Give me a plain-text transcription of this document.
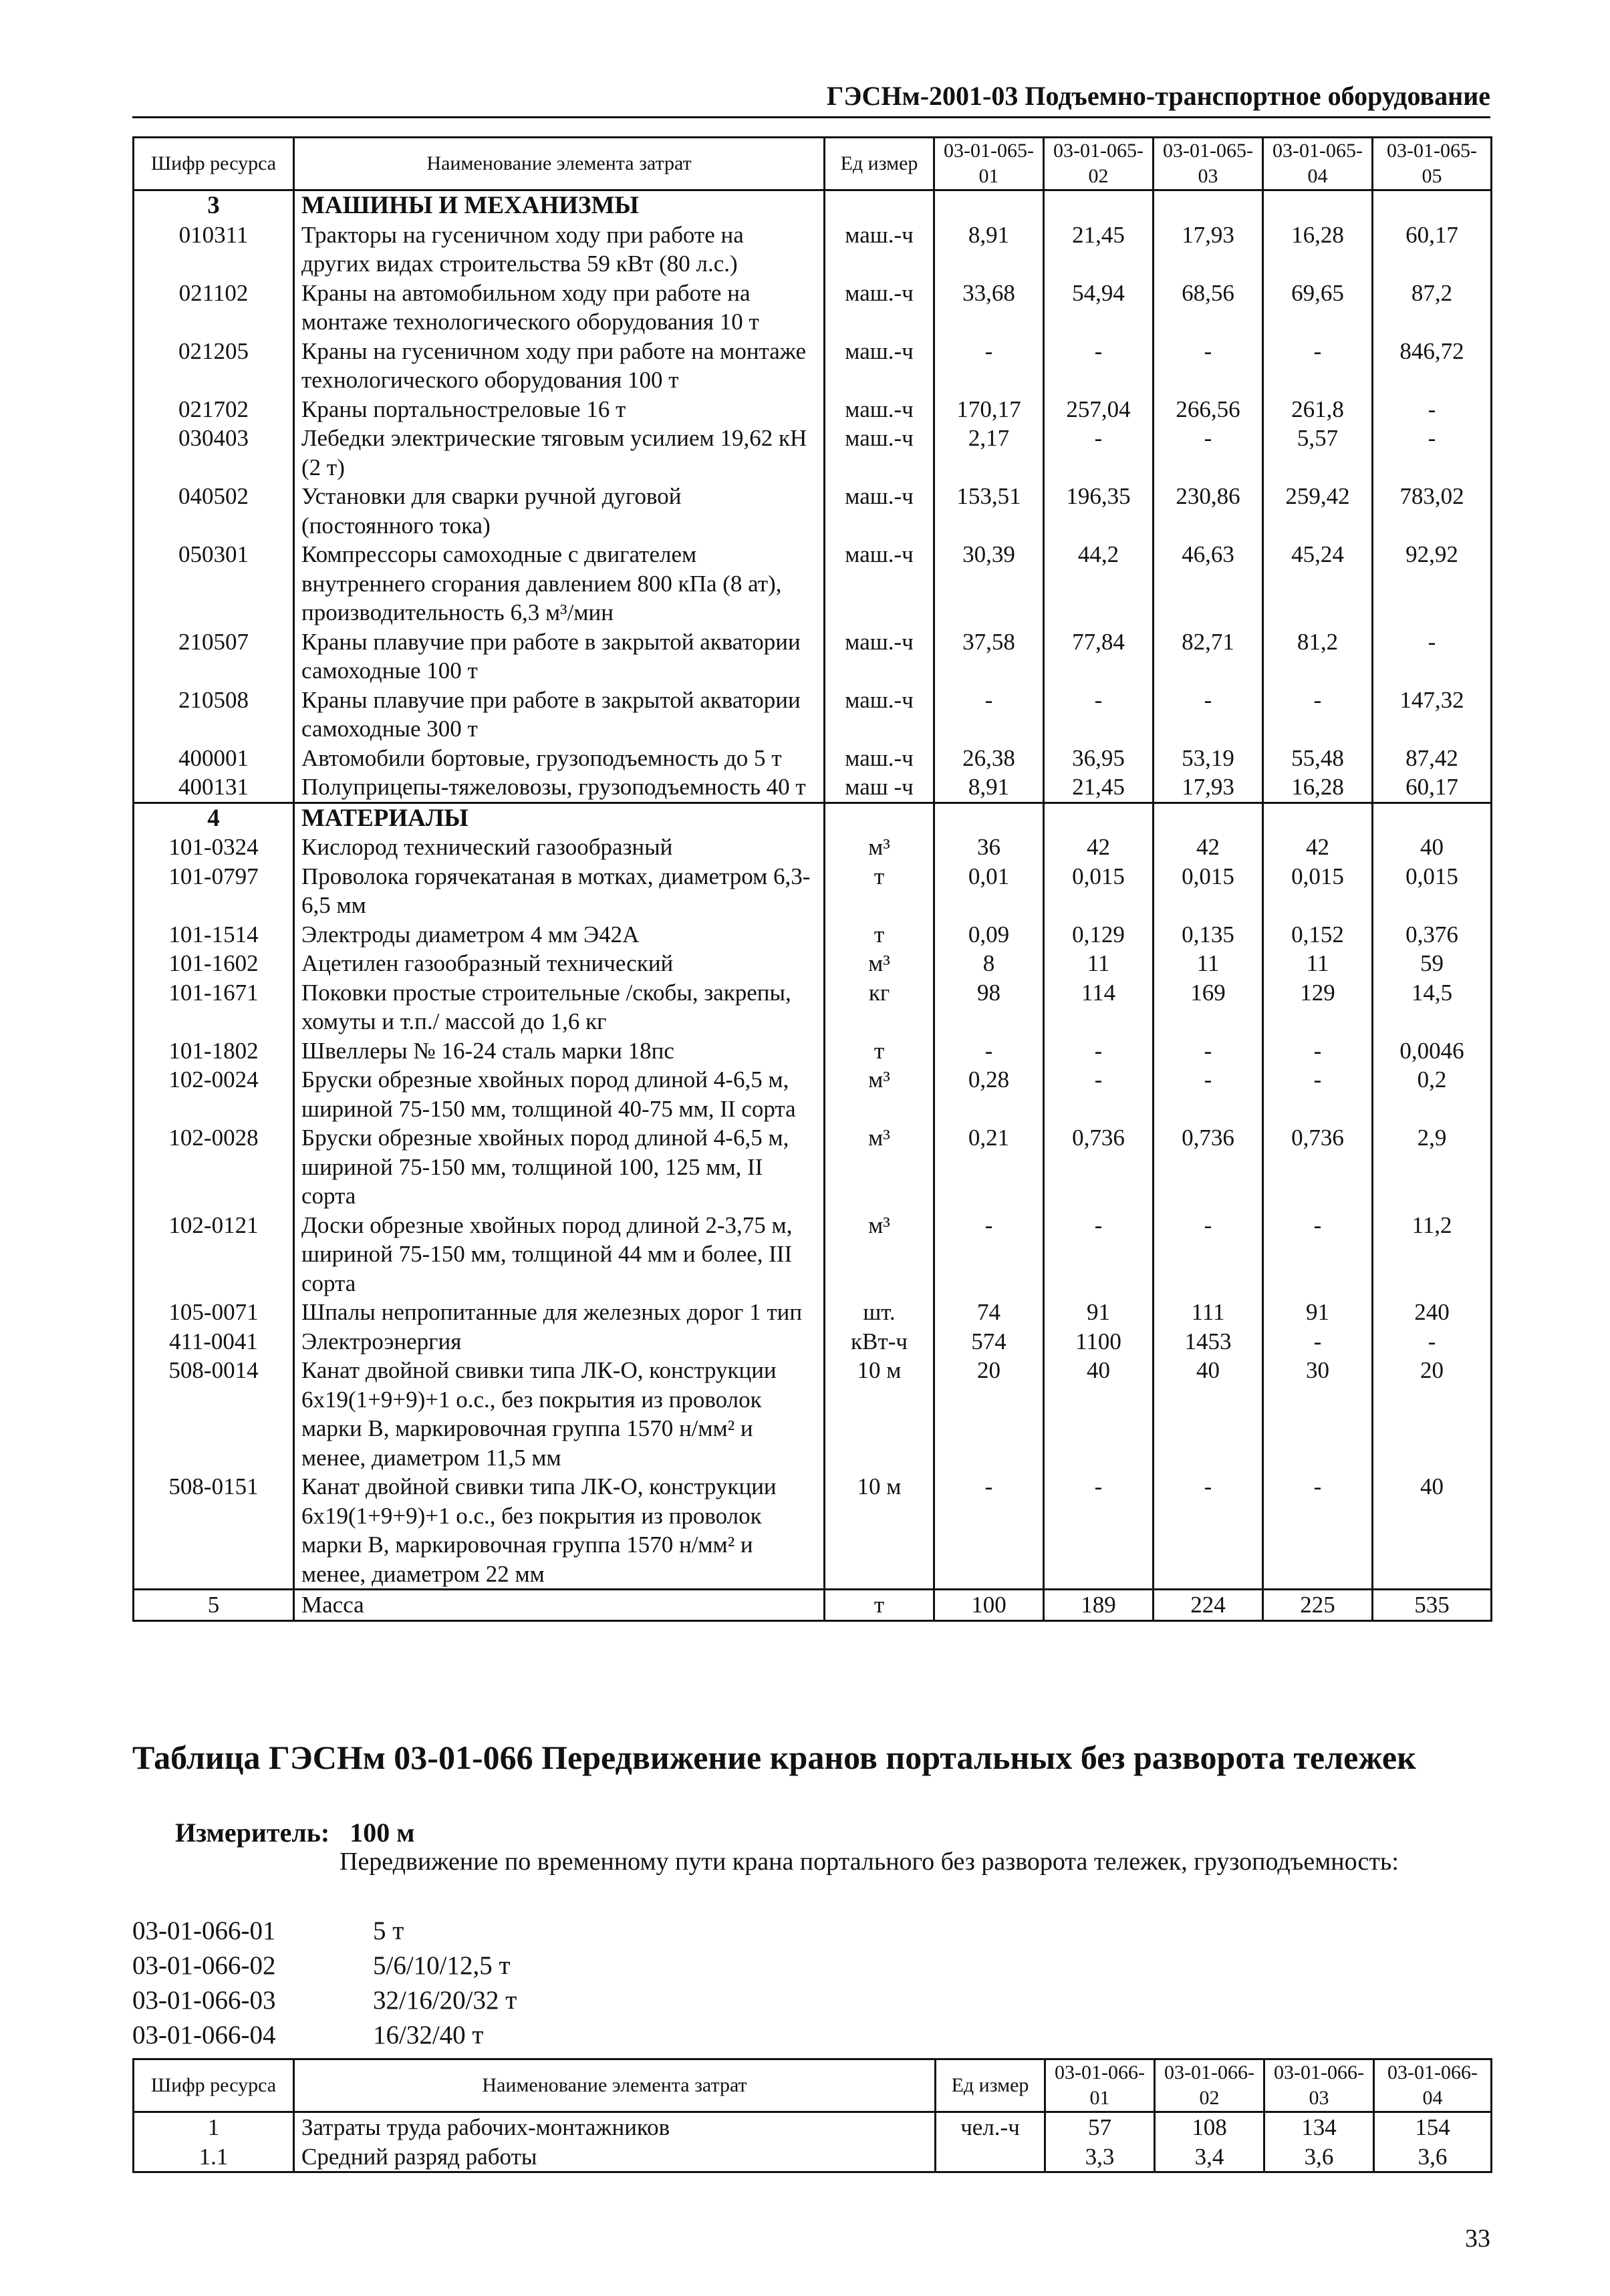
ГЭСНм-2001-03 Подъемно-транспортное оборудование
Шифр ресурса	Наименование элемента затрат	Ед измер	03-01-065-01	03-01-065-02	03-01-065-03	03-01-065-04	03-01-065-05
3	МАШИНЫ И МЕХАНИЗМЫ						
010311	Тракторы на гусеничном ходу при работе на других видах строительства 59 кВт (80 л.с.)	маш.-ч	8,91	21,45	17,93	16,28	60,17
021102	Краны на автомобильном ходу при работе на монтаже технологического оборудования 10 т	маш.-ч	33,68	54,94	68,56	69,65	87,2
021205	Краны на гусеничном ходу при работе на монтаже технологического оборудования 100 т	маш.-ч	-	-	-	-	846,72
021702	Краны портальнострелoвые 16 т	маш.-ч	170,17	257,04	266,56	261,8	-
030403	Лебедки электрические тяговым усилием 19,62 кН (2 т)	маш.-ч	2,17	-	-	5,57	-
040502	Установки для сварки ручной дуговой (постоянного тока)	маш.-ч	153,51	196,35	230,86	259,42	783,02
050301	Компрессоры самоходные с двигателем внутреннего сгорания давлением 800 кПа (8 ат), производительность 6,3 м³/мин	маш.-ч	30,39	44,2	46,63	45,24	92,92
210507	Краны плавучие при работе в закрытой акватории самоходные 100 т	маш.-ч	37,58	77,84	82,71	81,2	-
210508	Краны плавучие при работе в закрытой акватории самоходные 300 т	маш.-ч	-	-	-	-	147,32
400001	Автомобили бортовые, грузоподъемность до 5 т	маш.-ч	26,38	36,95	53,19	55,48	87,42
400131	Полуприцепы-тяжеловозы, грузоподъемность 40 т	маш -ч	8,91	21,45	17,93	16,28	60,17
4	МАТЕРИАЛЫ						
101-0324	Кислород технический газообразный	м³	36	42	42	42	40
101-0797	Проволока горячекатаная в мотках, диаметром 6,3-6,5 мм	т	0,01	0,015	0,015	0,015	0,015
101-1514	Электроды диаметром 4 мм Э42А	т	0,09	0,129	0,135	0,152	0,376
101-1602	Ацетилен газообразный технический	м³	8	11	11	11	59
101-1671	Поковки простые строительные /скобы, закрепы, хомуты и т.п./ массой до 1,6 кг	кг	98	114	169	129	14,5
101-1802	Швеллеры № 16-24 сталь марки 18пс	т	-	-	-	-	0,0046
102-0024	Бруски обрезные хвойных пород длиной 4-6,5 м, шириной 75-150 мм, толщиной 40-75 мм, II сорта	м³	0,28	-	-	-	0,2
102-0028	Бруски обрезные хвойных пород длиной 4-6,5 м, шириной 75-150 мм, толщиной 100, 125 мм, II сорта	м³	0,21	0,736	0,736	0,736	2,9
102-0121	Доски обрезные хвойных пород длиной 2-3,75 м, шириной 75-150 мм, толщиной 44 мм и более, III сорта	м³	-	-	-	-	11,2
105-0071	Шпалы непропитанные для железных дорог 1 тип	шт.	74	91	111	91	240
411-0041	Электроэнергия	кВт-ч	574	1100	1453	-	-
508-0014	Канат двойной свивки типа ЛК-О, конструкции 6х19(1+9+9)+1 о.с., без покрытия из проволок марки В, маркировочная группа 1570 н/мм² и менее, диаметром 11,5 мм	10 м	20	40	40	30	20
508-0151	Канат двойной свивки типа ЛК-О, конструкции 6х19(1+9+9)+1 о.с., без покрытия из проволок марки В, маркировочная группа 1570 н/мм² и менее, диаметром 22 мм	10 м	-	-	-	-	40
5	Масса	т	100	189	224	225	535
Таблица ГЭСНм 03-01-066 Передвижение кранов портальных без разворота тележек
Измеритель: 100 м
Передвижение по временному пути крана портального без разворота тележек, грузоподъемность:
03-01-066-01	5 т
03-01-066-02	5/6/10/12,5 т
03-01-066-03	32/16/20/32 т
03-01-066-04	16/32/40 т
Шифр ресурса	Наименование элемента затрат	Ед измер	03-01-066-01	03-01-066-02	03-01-066-03	03-01-066-04
1	Затраты труда рабочих-монтажников	чел.-ч	57	108	134	154
1.1	Средний разряд работы		3,3	3,4	3,6	3,6
33
